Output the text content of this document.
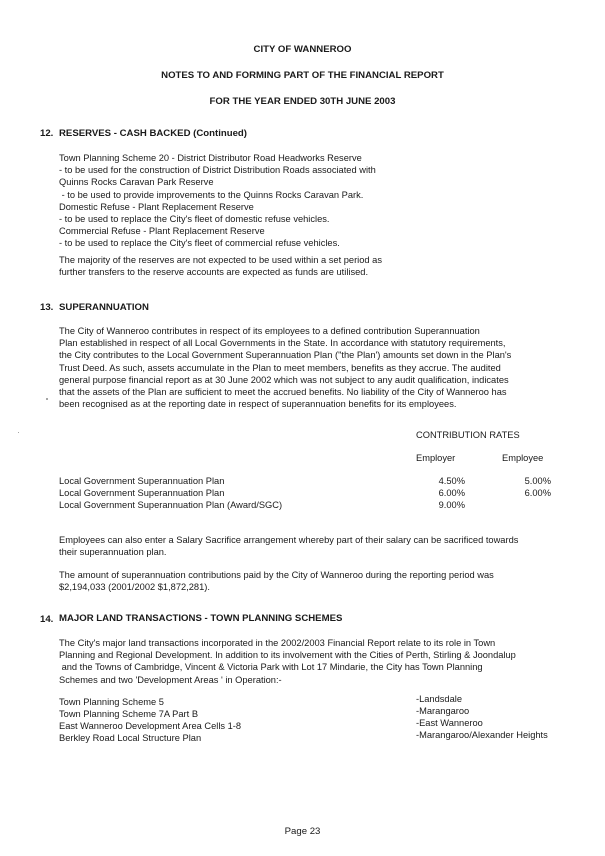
CITY OF WANNEROO
NOTES TO AND FORMING PART OF THE FINANCIAL REPORT
FOR THE YEAR ENDED 30TH JUNE 2003
12. RESERVES - CASH BACKED (Continued)
Town Planning Scheme 20 - District Distributor Road Headworks Reserve
- to be used for the construction of District Distribution Roads associated with
Quinns Rocks Caravan Park Reserve
- to be used to provide improvements to the Quinns Rocks Caravan Park.
Domestic Refuse - Plant Replacement Reserve
- to be used to replace the City's fleet of domestic refuse vehicles.
Commercial Refuse - Plant Replacement Reserve
- to be used to replace the City's fleet of commercial refuse vehicles.
The majority of the reserves are not expected to be used within a set period as
further transfers to the reserve accounts are expected as funds are utilised.
13. SUPERANNUATION
The City of Wanneroo contributes in respect of its employees to a defined contribution Superannuation
Plan established in respect of all Local Governments in the State. In accordance with statutory requirements,
the City contributes to the Local Government Superannuation Plan ("the Plan') amounts set down in the Plan's
Trust Deed. As such, assets accumulate in the Plan to meet members, benefits as they accrue. The audited
general purpose financial report as at 30 June 2002 which was not subject to any audit qualification, indicates
that the assets of the Plan are sufficient to meet the accrued benefits. No liability of the City of Wanneroo has
been recognised as at the reporting date in respect of superannuation benefits for its employees.
CONTRIBUTION RATES
Employer	Employee
Local Government Superannuation Plan	4.50%	5.00%
Local Government Superannuation Plan	6.00%	6.00%
Local Government Superannuation Plan (Award/SGC)	9.00%
Employees can also enter a Salary Sacrifice arrangement whereby part of their salary can be sacrificed towards
their superannuation plan.
The amount of superannuation contributions paid by the City of Wanneroo during the reporting period was
$2,194,033 (2001/2002 $1,872,281).
14. MAJOR LAND TRANSACTIONS - TOWN PLANNING SCHEMES
The City's major land transactions incorporated in the 2002/2003 Financial Report relate to its role in Town
Planning and Regional Development. In addition to its involvement with the Cities of Perth, Stirling & Joondalup
and the Towns of Cambridge, Vincent & Victoria Park with Lot 17 Mindarie, the City has Town Planning
Schemes and two 'Development Areas ' in Operation:-
Town Planning Scheme 5	-Landsdale
Town Planning Scheme 7A Part B	-Marangaroo
East Wanneroo Development Area Cells 1-8	-East Wanneroo
Berkley Road Local Structure Plan	-Marangaroo/Alexander Heights
Page 23
